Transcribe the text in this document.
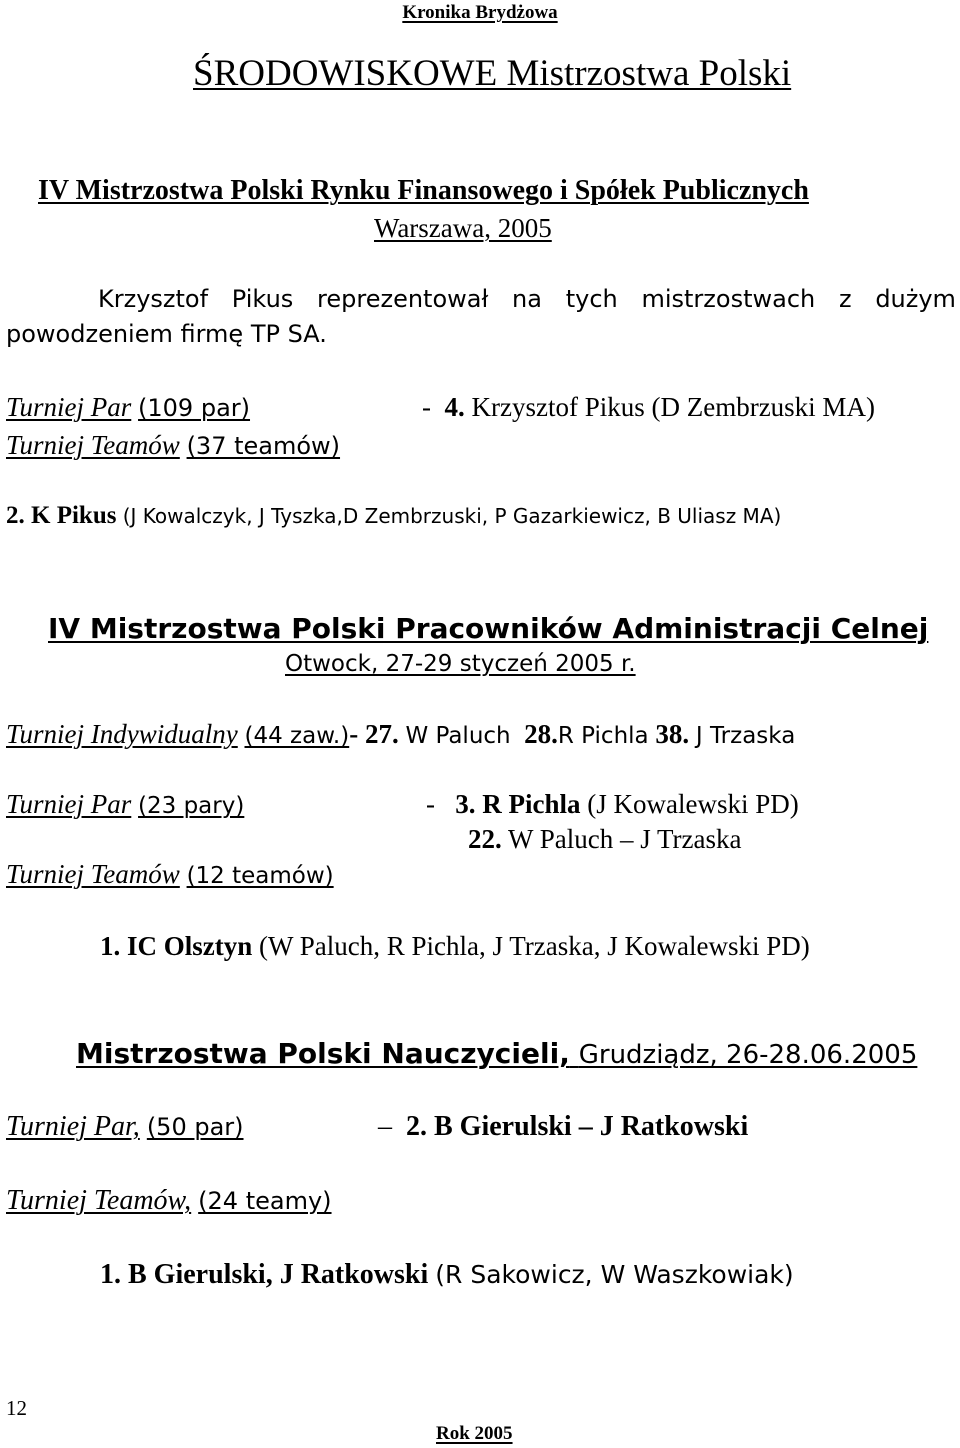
Kronika Brydżowa
ŚRODOWISKOWE Mistrzostwa Polski
IV Mistrzostwa Polski Rynku Finansowego i Spółek Publicznych
Warszawa, 2005
Krzysztof Pikus reprezentował na tych mistrzostwach z dużym
powodzeniem firmę TP SA.
Turniej Par (109 par)	- 4. Krzysztof Pikus (D Zembrzuski MA)
Turniej Teamów (37 teamów)
2. K Pikus (J Kowalczyk, J Tyszka,D Zembrzuski, P Gazarkiewicz, B Uliasz MA)
IV Mistrzostwa Polski Pracowników Administracji Celnej
Otwock, 27-29 styczeń 2005 r.
Turniej Indywidualny (44 zaw.)- 27. W Paluch 28.R Pichla 38. J Trzaska
Turniej Par (23 pary)	- 3. R Pichla (J Kowalewski PD)
22. W Paluch – J Trzaska
Turniej Teamów (12 teamów)
1. IC Olsztyn (W Paluch, R Pichla, J Trzaska, J Kowalewski PD)
Mistrzostwa Polski Nauczycieli, Grudziądz, 26-28.06.2005
Turniej Par, (50 par)	– 2. B Gierulski – J Ratkowski
Turniej Teamów, (24 teamy)
1. B Gierulski, J Ratkowski (R Sakowicz, W Waszkowiak)
12
Rok 2005
